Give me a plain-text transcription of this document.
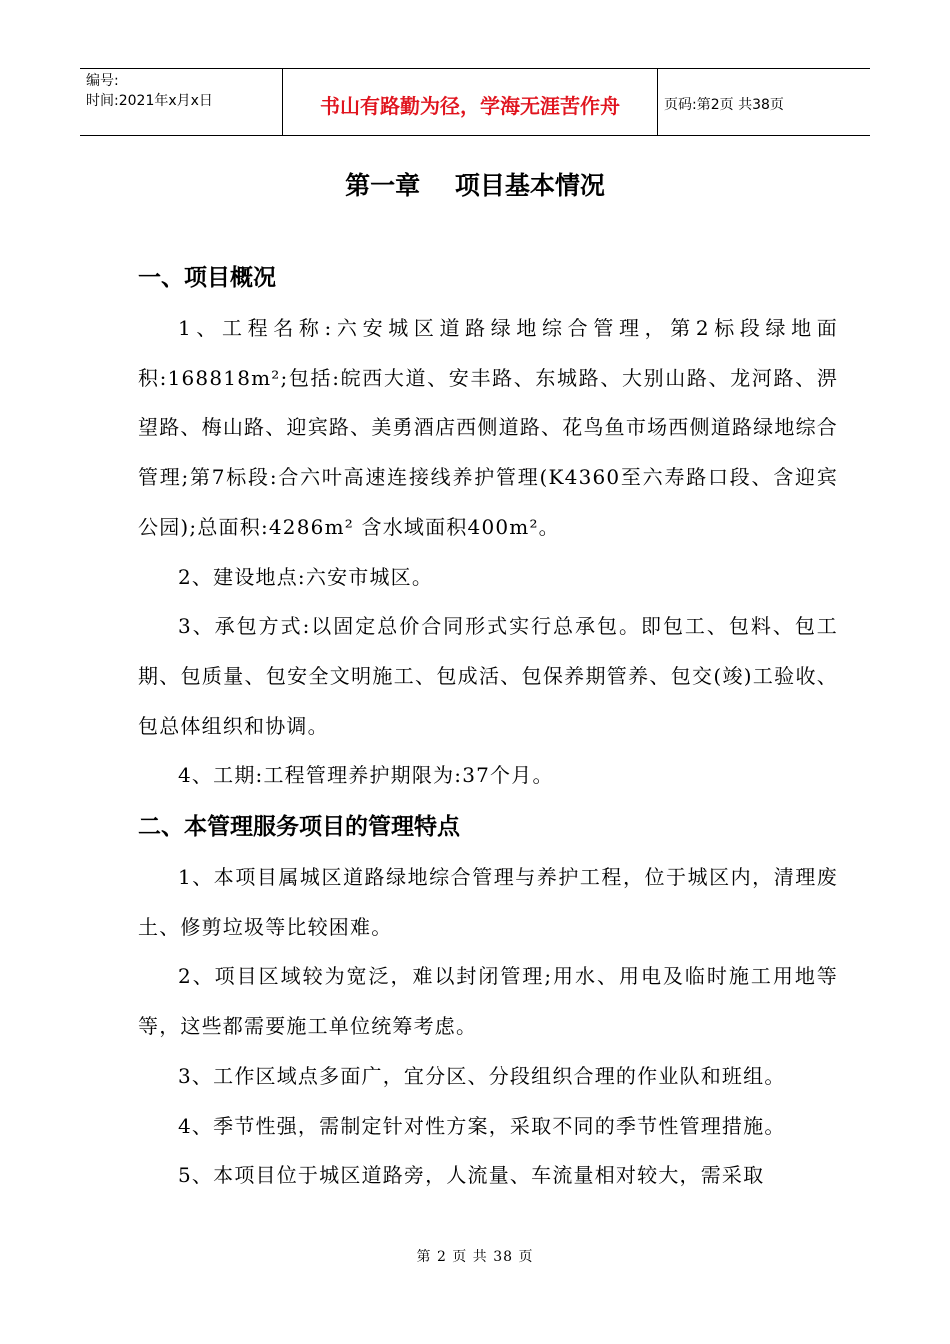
编号:
时间:2021年x月x日	书山有路勤为径，学海无涯苦作舟	页码:第2页 共38页
第一章    项目基本情况
一、项目概况

1、工程名称:六安城区道路绿地综合管理，第2标段绿地面积:168818m²;包括:皖西大道、安丰路、东城路、大别山路、龙河路、淠望路、梅山路、迎宾路、美勇酒店西侧道路、花鸟鱼市场西侧道路绿地综合管理;第7标段:合六叶高速连接线养护管理(K4360至六寿路口段、含迎宾公园);总面积:4286m² 含水域面积400m²。

2、建设地点:六安市城区。

3、承包方式:以固定总价合同形式实行总承包。即包工、包料、包工期、包质量、包安全文明施工、包成活、包保养期管养、包交(竣)工验收、包总体组织和协调。

4、工期:工程管理养护期限为:37个月。

二、本管理服务项目的管理特点

1、本项目属城区道路绿地综合管理与养护工程，位于城区内，清理废土、修剪垃圾等比较困难。

2、项目区域较为宽泛，难以封闭管理;用水、用电及临时施工用地等等，这些都需要施工单位统筹考虑。

3、工作区域点多面广，宜分区、分段组织合理的作业队和班组。

4、季节性强，需制定针对性方案，采取不同的季节性管理措施。

5、本项目位于城区道路旁，人流量、车流量相对较大，需采取

第 2 页 共 38 页
